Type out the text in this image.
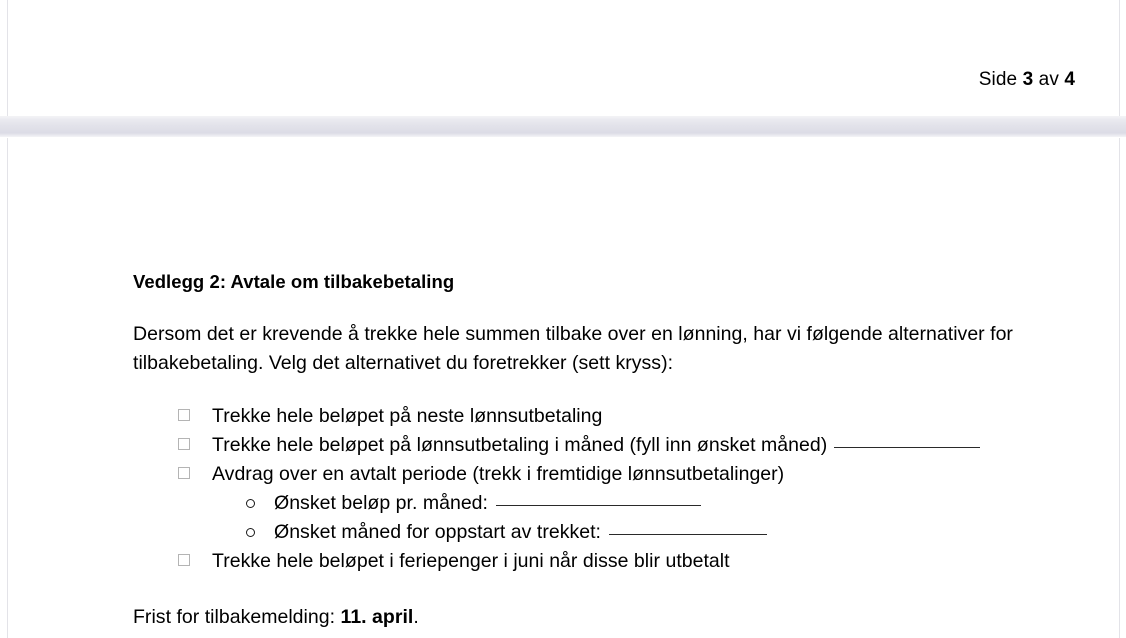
Side 3 av 4
Vedlegg 2: Avtale om tilbakebetaling

Dersom det er krevende å trekke hele summen tilbake over en lønning, har vi følgende alternativer for tilbakebetaling. Velg det alternativet du foretrekker (sett kryss):

Trekke hele beløpet på neste lønnsutbetaling
Trekke hele beløpet på lønnsutbetaling i måned (fyll inn ønsket måned)
Avdrag over en avtalt periode (trekk i fremtidige lønnsutbetalinger)
Ønsket beløp pr. måned:
Ønsket måned for oppstart av trekket:
Trekke hele beløpet i feriepenger i juni når disse blir utbetalt

Frist for tilbakemelding: 11. april.
